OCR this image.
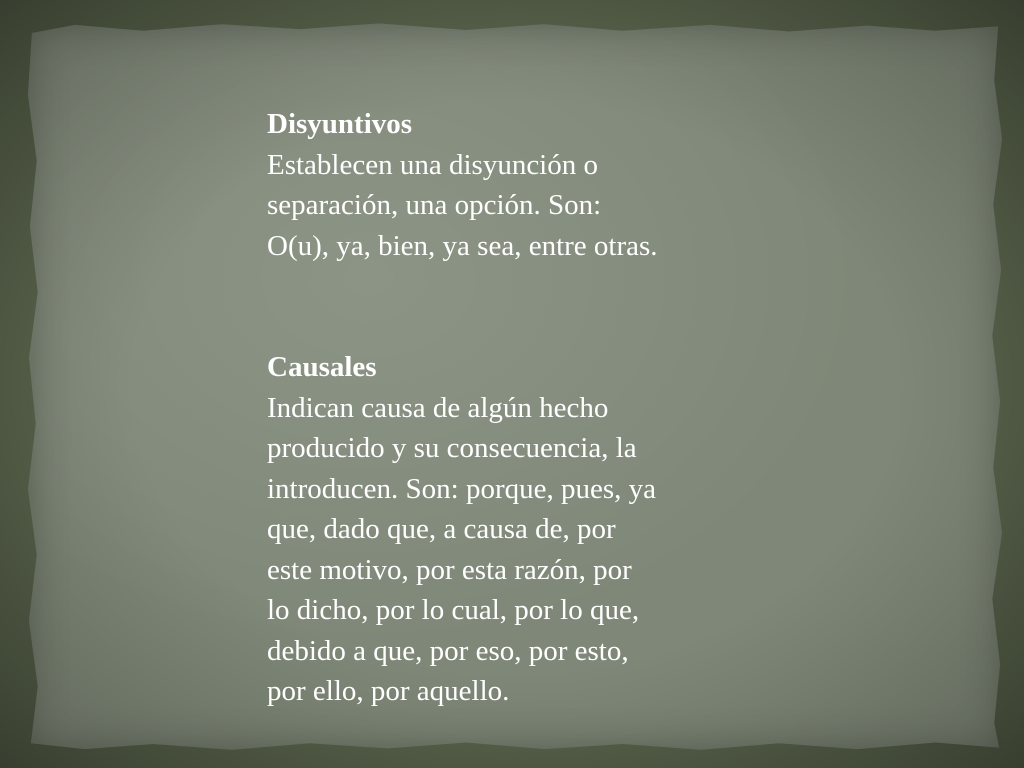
Disyuntivos
Establecen una disyunción o
separación, una opción. Son:
O(u), ya, bien, ya sea, entre otras.
Causales
Indican causa de algún hecho
producido y su consecuencia, la
introducen. Son: porque, pues, ya
que, dado que, a causa de, por
este motivo, por esta razón, por
lo dicho, por lo cual, por lo que,
debido a que, por eso, por esto,
por ello, por aquello.
